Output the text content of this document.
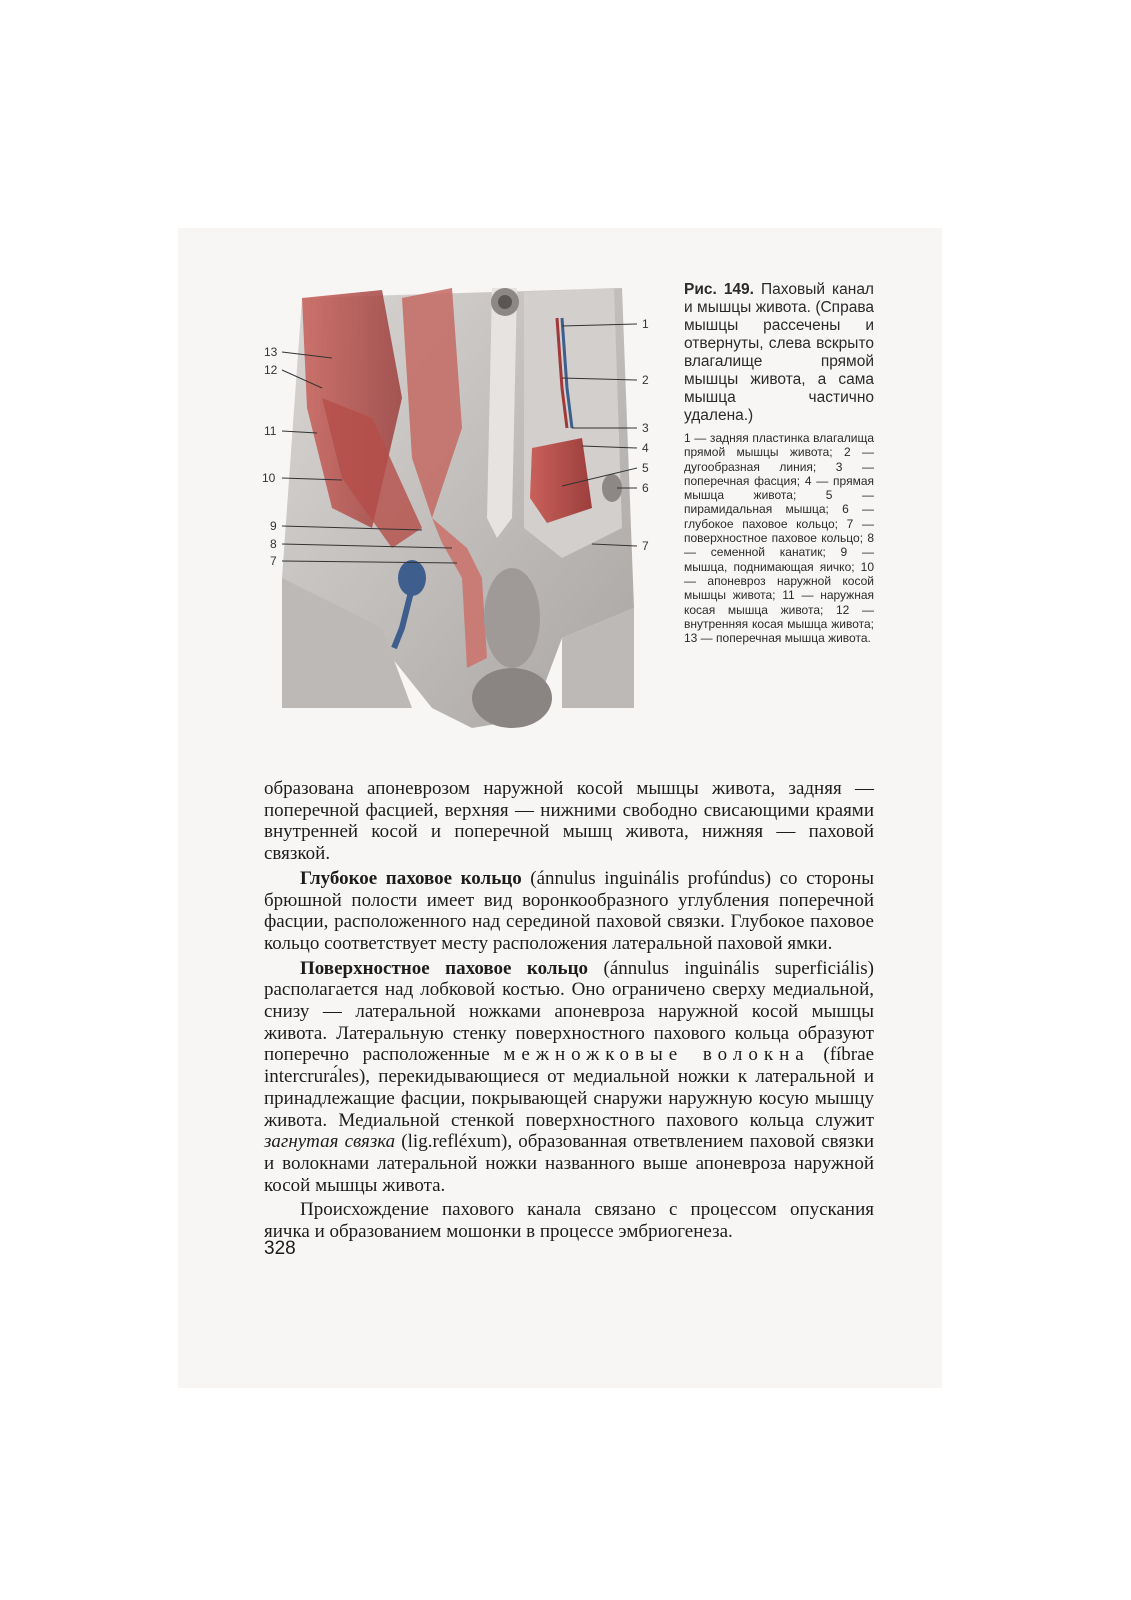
13
12
11
10
9
8
7
1
2
3
4
5
6
7

Рис. 149. Паховый канал и мышцы живота. (Справа мышцы рассечены и отвернуты, слева вскрыто влагалище прямой мышцы живота, а сама мышца частично удалена.)

1 — задняя пластинка влагалища прямой мышцы живота; 2 — дугообразная линия; 3 — поперечная фасция; 4 — прямая мышца живота; 5 — пирамидальная мышца; 6 — глубокое паховое кольцо; 7 — поверхностное паховое кольцо; 8 — семенной канатик; 9 — мышца, поднимающая яичко; 10 — апоневроз наружной косой мышцы живота; 11 — наружная косая мышца живота; 12 — внутренняя косая мышца живота; 13 — поперечная мышца живота.

образована апоневрозом наружной косой мышцы живота, задняя — поперечной фасцией, верхняя — нижними свободно свисающими краями внутренней косой и поперечной мышц живота, нижняя — паховой связкой.

Глубокое паховое кольцо (ánnulus inguinális profúndus) со стороны брюшной полости имеет вид воронкообразного углубления поперечной фасции, расположенного над серединой паховой связки. Глубокое паховое кольцо соответствует месту расположения латеральной паховой ямки.

Поверхностное паховое кольцо (ánnulus inguinális superficiális) располагается над лобковой костью. Оно ограничено сверху медиальной, снизу — латеральной ножками апоневроза наружной косой мышцы живота. Латеральную стенку поверхностного пахового кольца образуют поперечно расположенные межножковые волокна (fíbrae intercrurа́les), перекидывающиеся от медиальной ножки к латеральной и принадлежащие фасции, покрывающей снаружи наружную косую мышцу живота. Медиальной стенкой поверхностного пахового кольца служит загнутая связка (lig.refléxum), образованная ответвлением паховой связки и волокнами латеральной ножки названного выше апоневроза наружной косой мышцы живота.

Происхождение пахового канала связано с процессом опускания яичка и образованием мошонки в процессе эмбриогенеза.

328
